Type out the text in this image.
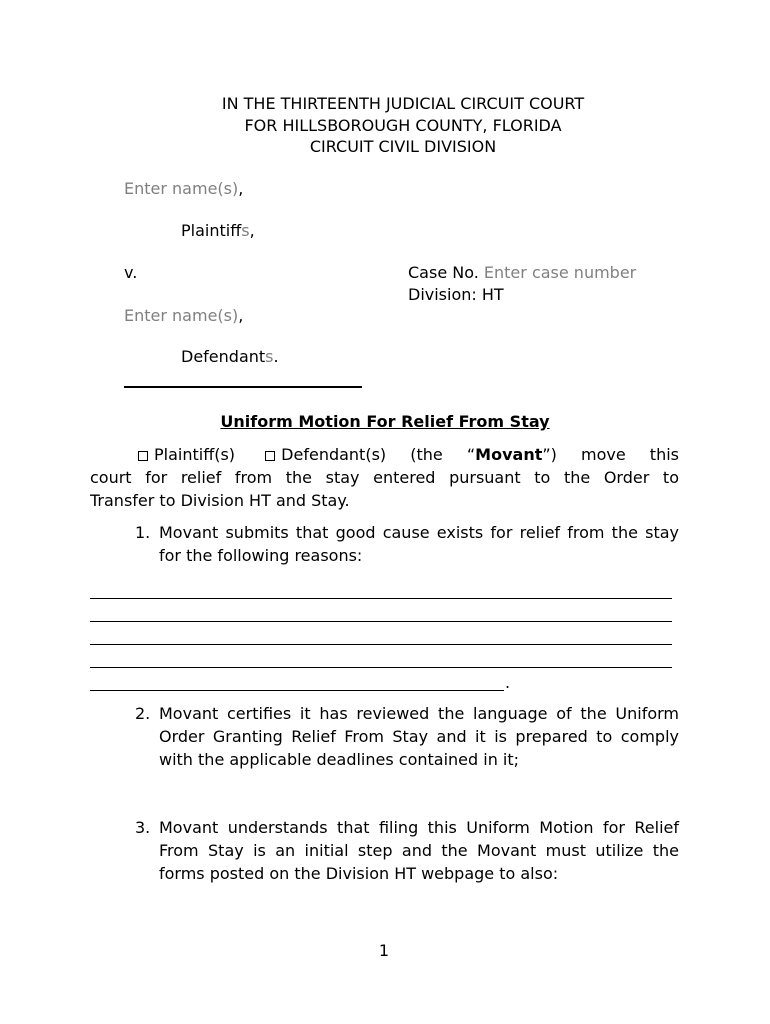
IN THE THIRTEENTH JUDICIAL CIRCUIT COURT
FOR HILLSBOROUGH COUNTY, FLORIDA
CIRCUIT CIVIL DIVISION
Enter name(s),
Plaintiffs,
v.	Case No. Enter case number
Division: HT
Enter name(s),
Defendants.
Uniform Motion For Relief From Stay
Plaintiff(s)	Defendant(s) (the “Movant”) move this
court for relief from the stay entered pursuant to the Order to
Transfer to Division HT and Stay.
1. Movant submits that good cause exists for relief from the stay for the following reasons:
.
2. Movant certifies it has reviewed the language of the Uniform Order Granting Relief From Stay and it is prepared to comply with the applicable deadlines contained in it;
3. Movant understands that filing this Uniform Motion for Relief From Stay is an initial step and the Movant must utilize the forms posted on the Division HT webpage to also:
1
